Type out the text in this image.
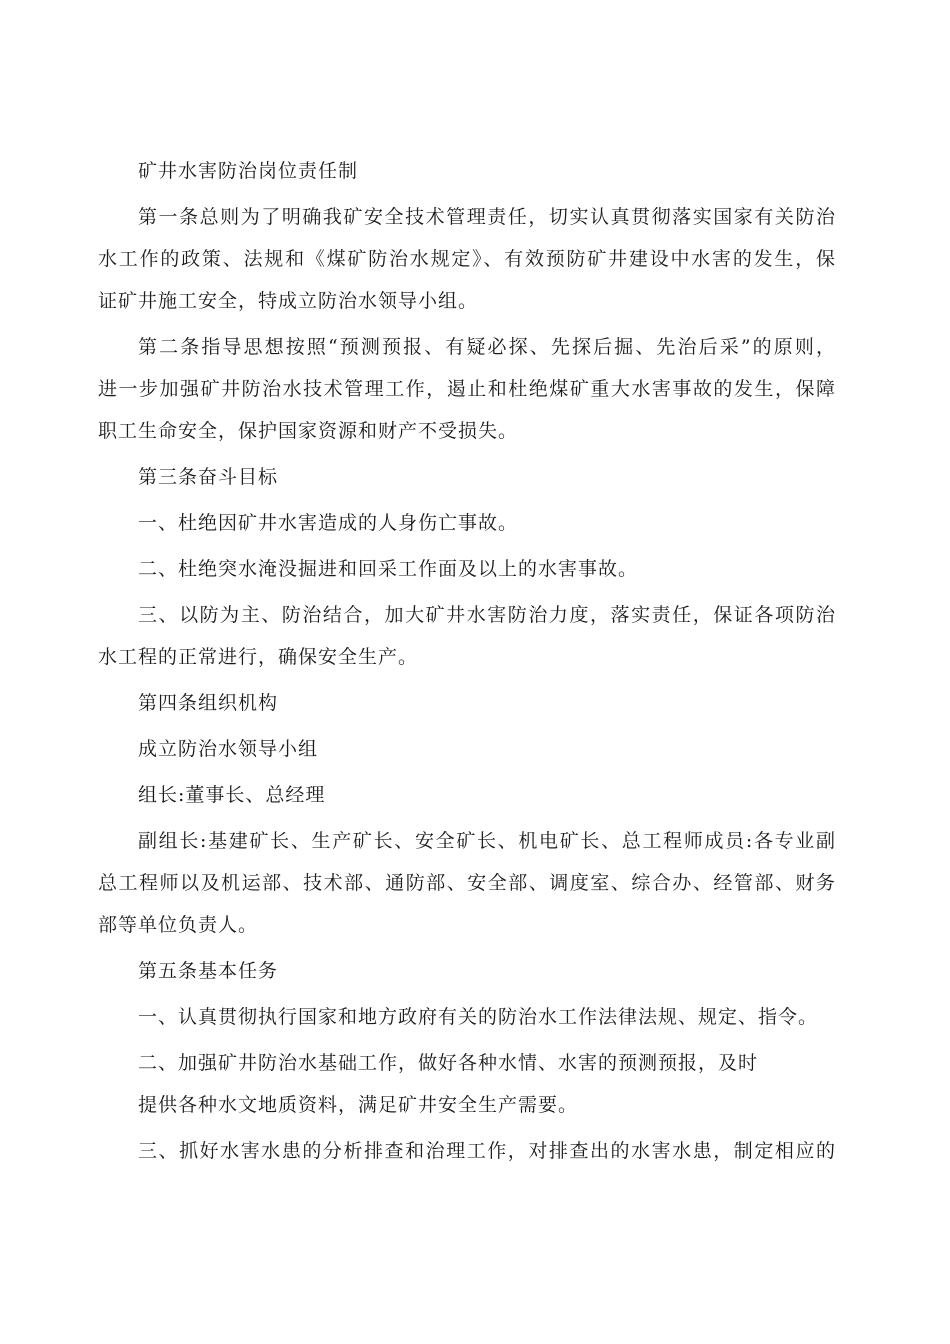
矿井水害防治岗位责任制
第一条总则为了明确我矿安全技术管理责任，切实认真贯彻落实国家有关防治
水工作的政策、法规和《煤矿防治水规定》、有效预防矿井建设中水害的发生，保
证矿井施工安全，特成立防治水领导小组。
第二条指导思想按照“预测预报、有疑必探、先探后掘、先治后采”的原则，
进一步加强矿井防治水技术管理工作，遏止和杜绝煤矿重大水害事故的发生，保障
职工生命安全，保护国家资源和财产不受损失。
第三条奋斗目标
一、杜绝因矿井水害造成的人身伤亡事故。
二、杜绝突水淹没掘进和回采工作面及以上的水害事故。
三、以防为主、防治结合，加大矿井水害防治力度，落实责任，保证各项防治
水工程的正常进行，确保安全生产。
第四条组织机构
成立防治水领导小组
组长:董事长、总经理
副组长:基建矿长、生产矿长、安全矿长、机电矿长、总工程师成员:各专业副
总工程师以及机运部、技术部、通防部、安全部、调度室、综合办、经管部、财务
部等单位负责人。
第五条基本任务
一、认真贯彻执行国家和地方政府有关的防治水工作法律法规、规定、指令。
二、加强矿井防治水基础工作，做好各种水情、水害的预测预报，及时
提供各种水文地质资料，满足矿井安全生产需要。
三、抓好水害水患的分析排查和治理工作，对排查出的水害水患，制定相应的
